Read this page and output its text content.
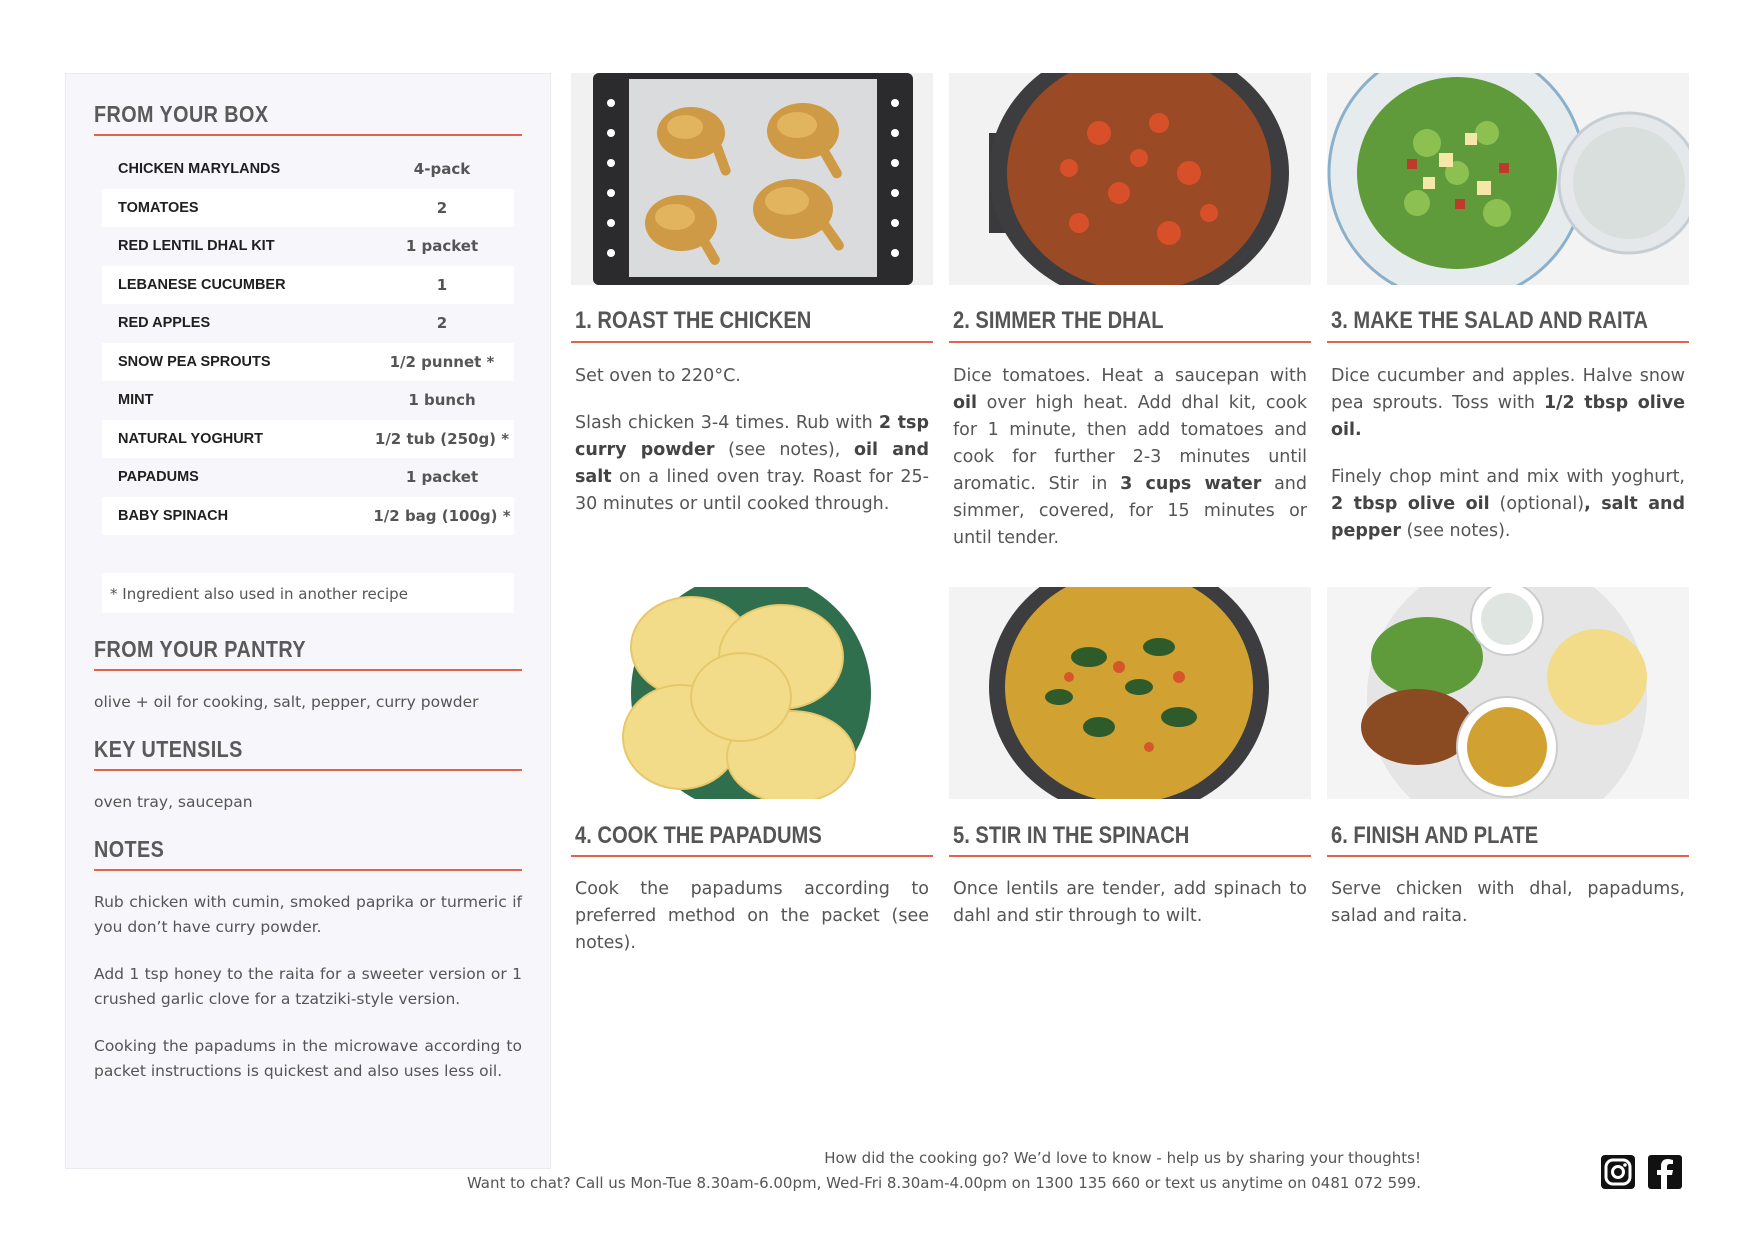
FROM YOUR BOX
CHICKEN MARYLANDS	4-pack
TOMATOES	2
RED LENTIL DHAL KIT	1 packet
LEBANESE CUCUMBER	1
RED APPLES	2
SNOW PEA SPROUTS	1/2 punnet *
MINT	1 bunch
NATURAL YOGHURT	1/2 tub (250g) *
PAPADUMS	1 packet
BABY SPINACH	1/2 bag (100g) *
* Ingredient also used in another recipe
FROM YOUR PANTRY

olive + oil for cooking, salt, pepper, curry powder

KEY UTENSILS

oven tray, saucepan

NOTES

Rub chicken with cumin, smoked paprika or turmeric if you don’t have curry powder.

Add 1 tsp honey to the raita for a sweeter version or 1 crushed garlic clove for a tzatziki-style version.

Cooking the papadums in the microwave according to packet instructions is quickest and also uses less oil.

1. ROAST THE CHICKEN

Set oven to 220°C.

Slash chicken 3-4 times. Rub with 2 tsp curry powder (see notes), oil and salt on a lined oven tray. Roast for 25-30 minutes or until cooked through.

2. SIMMER THE DHAL

Dice tomatoes. Heat a saucepan with oil over high heat. Add dhal kit, cook for 1 minute, then add tomatoes and cook for further 2-3 minutes until aromatic. Stir in 3 cups water and simmer, covered, for 15 minutes or until tender.

3. MAKE THE SALAD AND RAITA

Dice cucumber and apples. Halve snow pea sprouts. Toss with 1/2 tbsp olive oil.

Finely chop mint and mix with yoghurt, 2 tbsp olive oil (optional), salt and pepper (see notes).

4. COOK THE PAPADUMS

Cook the papadums according to preferred method on the packet (see notes).

5. STIR IN THE SPINACH

Once lentils are tender, add spinach to dahl and stir through to wilt.

6. FINISH AND PLATE

Serve chicken with dhal, papadums, salad and raita.

How did the cooking go? We’d love to know - help us by sharing your thoughts!
Want to chat? Call us Mon-Tue 8.30am-6.00pm, Wed-Fri 8.30am-4.00pm on 1300 135 660 or text us anytime on 0481 072 599.
